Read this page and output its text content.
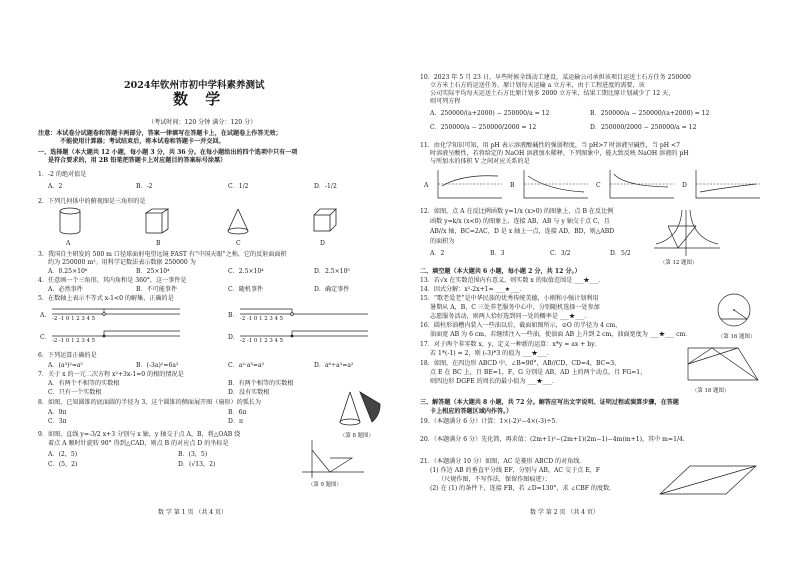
2024年钦州市初中学科素养测试
数 学
（考试时间：120 分钟 满分：120 分）
注意：本试卷分试题卷和答题卡两部分，答案一律填写在答题卡上，在试题卷上作答无效；
不能使用计算器；考试结束后，将本试卷和答题卡一并交回。
一、选择题（本大题共 12 小题，每小题 3 分，共 36 分。在每小题给出的四个选项中只有一项
是符合要求的，用 2B 铅笔把答题卡上对应题目的答案标号涂黑）
1．-2 的绝对值是
A．2	B．-2	C．1/2	D．-1/2
2．下列几何体中的俯视图是三角形的是
A	B	C	D
3．我国自主研发的 500 m 口径球面射电望远镜 FAST 有“中国天眼”之称，它的反射面面积
约为 250000 m²。用科学记数法表示数据 250000 为
A．0.25×10⁶	B．25×10⁴	C．2.5×10⁴	D．2.5×10⁵
4．任意画一个三角形，其内角和是 360°，这一事件是
A．必然事件	B．不可能事件	C．随机事件	D．确定事件
5．在数轴上表示不等式 x-1<0 的解集，正确的是
A． -2 -1 0 1 2 3 4 5	B． -2 -1 0 1 2 3 4 5
C． -2 -1 0 1 2 3 4 5	D． -2 -1 0 1 2 3 4 5
6．下列运算正确的是
A．(a³)²=a⁵	B．(-3a)²=6a²	C．a²·a³=a⁵	D．a⁶÷a³=a²
7．关于 x 的一元二次方程 x²+3x-1=0 的根的情况是
A．有两个不相等的实数根	B．有两个相等的实数根
C．只有一个实数根	D．没有实数根
8．如图，已知圆锥的底面圆的半径为 3，这个圆锥的侧面展开图（扇形）的弧长为
A．9π	B．6π
C．3π	D．π
（第 8 题图）
9．如图，直线 y=-3/2 x+3 分别与 x 轴，y 轴交于点 A，B，将△OAB 绕
着点 A 顺时针旋转 90° 得到△CAD，则点 B 的对应点 D 的坐标是
A．(2，5)	B．(3，5)
C．(5，2)	D．(√13，2)
（第 9 题图）
数 学 第 1 页 （共 4 页）
10．2023 年 5 月 23 日，早些时候全线动工建设，某运输公司承担该项目运送土石方任务 250000
立方米土石方的运送任务。原计划每天运输 a 立方米，由于工程进度的需要，该
公司实际平均每天运送土石方比原计划多 2000 立方米，结果工期比原计划减少了 12 天，
则可列方程
A．250000/(a+2000) − 250000/a = 12	B．250000/a − 250000/(a+2000) = 12
C．250000/a − 250000/2000 = 12	D．250000/2000 − 250000/a = 12
11．由化学知识可知，用 pH 表示溶液酸碱性的强弱程度，当 pH>7 时溶液呈碱性，当 pH <7
时溶液呈酸性，若将给定的 NaOH 溶液加水稀释，下列图象中，能大致反映 NaOH 溶液的 pH
与所加水的体积 V 之间对应关系的是
A	B	C	D
12．如图，点 A 在反比例函数 y=1/x (x>0) 的图象上，点 B 在反比例
函数 y=k/x (x<0) 的图象上，连接 AB，AB 与 y 轴交于点 C，且
AB//x 轴，BC=2AC，D 是 x 轴上一点，连接 AD，BD，则△ABD
的面积为
A．2	B．3	C．3/2	D．5/2
（第 12 题图）
二、填空题（本大题共 6 小题，每小题 2 分，共 12 分。）
13．若√x 在实数范围内有意义，则实数 x 的取值范围是 ___★___．
14．因式分解：x²-2x+1= ___★___．
15．“歌老爱老”是中华民族的优秀传统美德，小刚和小强计划利用
暑期从 A，B，C 三处养老服务中心中，分别随机选择一处参加
志愿服务活动，则两人恰好选到同一处的概率是 ___★___．
16．圆柱形油槽内装入一些油以后，截面如图所示，⊙O 的半径为 4 cm，
油面宽 AB 为 6 cm，若继续注入一些油，使油面 AB 上升到 2 cm，油面宽度为 ___★___ cm．	（第 16 题图）
17．对于两个非零数 x，y，定义一种新的运算：x*y = ax + by．
若 1*(-1) = 2，则 (-3)*3 的值为 ___★___．
18．如图，在四边形 ABCD 中，∠B=90°，AB//CD，CD=4，BC=3，
点 E 在 BC 上，且 BE=1，F，G 分别是 AB，AD 上的两个动点，且 FG=1，
则四边形 DGFE 的周长的最小值为 ___★___．
（第 18 题图）
三、解答题（本大题共 8 小题，共 72 分。解答应写出文字说明、证明过程或演算步骤，在答题
卡上相应的答题区域内作答。）
19．（本题满分 6 分）计算：1×(-2)²−4×(-3)÷5．
20．（本题满分 6 分）先化简，再求值：(2m+1)²−(2m+1)(2m−1)−4m(m+1)，其中 m=1/4．
21．（本题满分 10 分）如图，AC 是菱形 ABCD 的对角线．
(1) 作边 AB 的垂直平分线 EF，分别与 AB，AC 交于点 E，F
（尺规作图，不写作法，保留作图痕迹）；
(2) 在 (1) 的条件下，连接 FB，若 ∠D=130°，求 ∠CBF 的度数．
数 学 第 2 页 （共 4 页）
